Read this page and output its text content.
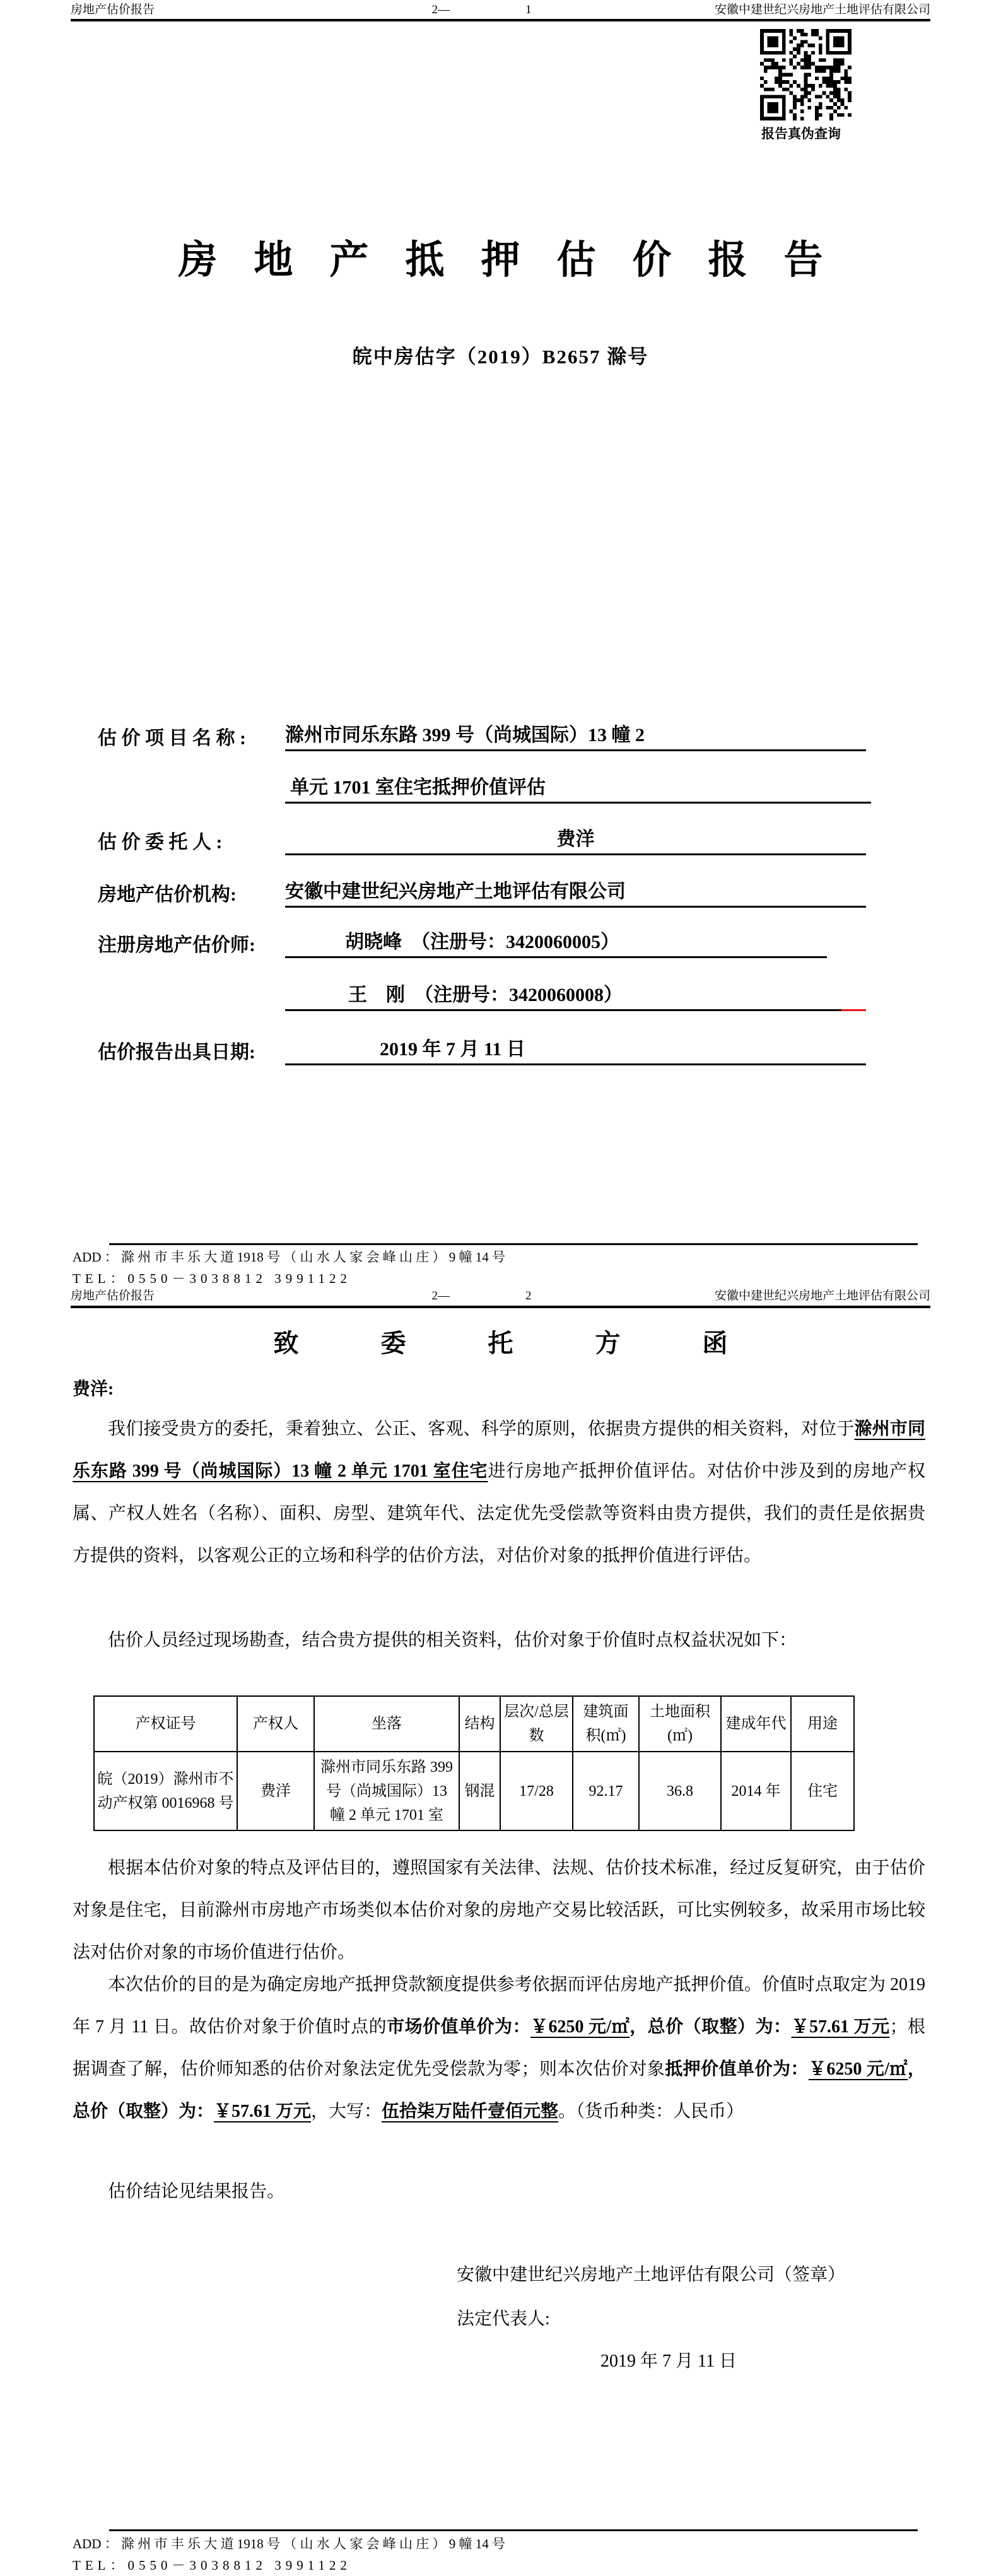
房地产估价报告	2—	1	安徽中建世纪兴房地产土地评估有限公司
报告真伪查询
房地产抵押估价报告
皖中房估字（2019）B2657 滁号
估 价 项 目 名 称 : 滁州市同乐东路 399 号（尚城国际）13 幢 2
单元 1701 室住宅抵押价值评估
估 价 委 托 人 :	费洋
房地产估价机构:	安徽中建世纪兴房地产土地评估有限公司
注册房地产估价师:	胡晓峰　（注册号：3420060005）
王　刚　（注册号：3420060008）
估价报告出具日期:	2019 年 7 月 11 日
ADD ： 滁 州 市 丰 乐 大 道 1918 号 （ 山 水 人 家 会 峰 山 庄 ） 9 幢 14 号
TEL：0550－3038812 3991122
房地产估价报告	2—	2	安徽中建世纪兴房地产土地评估有限公司
致 委 托 方 函
费洋:
我们接受贵方的委托，秉着独立、公正、客观、科学的原则，依据贵方提供的相关资料，对位于滁州市同乐东路 399 号（尚城国际）13 幢 2 单元 1701 室住宅进行房地产抵押价值评估。对估价中涉及到的房地产权属、产权人姓名（名称）、面积、房型、建筑年代、法定优先受偿款等资料由贵方提供，我们的责任是依据贵方提供的资料，以客观公正的立场和科学的估价方法，对估价对象的抵押价值进行评估。
估价人员经过现场勘查，结合贵方提供的相关资料，估价对象于价值时点权益状况如下：
产权证号	产权人	坐落	结构	层次/总层数	建筑面积(㎡)	土地面积(㎡)	建成年代	用途
皖（2019）滁州市不动产权第 0016968 号	费洋	滁州市同乐东路 399 号（尚城国际）13 幢 2 单元 1701 室	钢混	17/28	92.17	36.8	2014 年	住宅
根据本估价对象的特点及评估目的，遵照国家有关法律、法规、估价技术标准，经过反复研究，由于估价对象是住宅，目前滁州市房地产市场类似本估价对象的房地产交易比较活跃，可比实例较多，故采用市场比较法对估价对象的市场价值进行估价。
本次估价的目的是为确定房地产抵押贷款额度提供参考依据而评估房地产抵押价值。价值时点取定为 2019 年 7 月 11 日。故估价对象于价值时点的市场价值单价为：￥6250 元/㎡，总价（取整）为：￥57.61 万元；根据调查了解，估价师知悉的估价对象法定优先受偿款为零；则本次估价对象抵押价值单价为：￥6250 元/㎡，总价（取整）为：￥57.61 万元，大写：伍拾柒万陆仟壹佰元整。（货币种类：人民币）
估价结论见结果报告。
安徽中建世纪兴房地产土地评估有限公司（签章）
法定代表人:
2019 年 7 月 11 日
ADD ： 滁 州 市 丰 乐 大 道 1918 号 （ 山 水 人 家 会 峰 山 庄 ） 9 幢 14 号
TEL：0550－3038812 3991122
